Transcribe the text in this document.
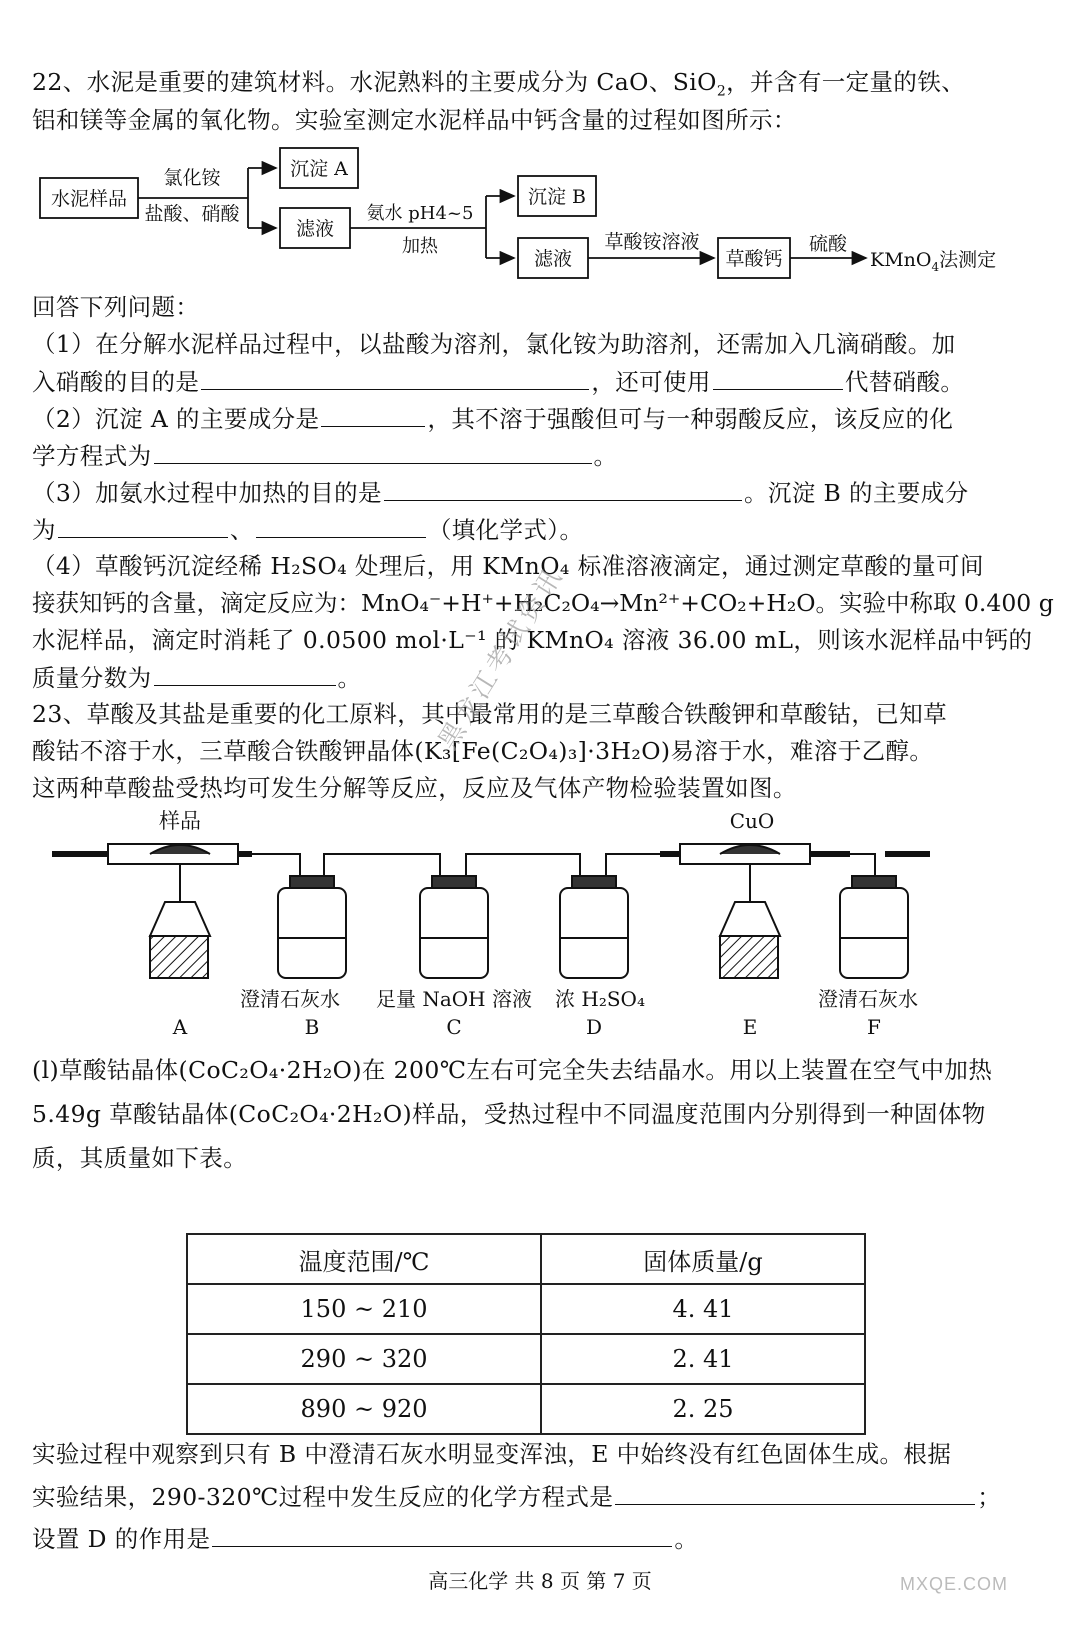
22、水泥是重要的建筑材料。水泥熟料的主要成分为 CaO、SiO$_2$，并含有一定量的铁、
铝和镁等金属的氧化物。实验室测定水泥样品中钙含量的过程如图所示：
水泥样品
氯化铵
盐酸、硝酸
沉淀 A
滤液
氨水 pH4~5
加热
沉淀 B
滤液
草酸铵溶液
草酸钙
硫酸
KMnO$_4$法测定
回答下列问题：
（1）在分解水泥样品过程中，以盐酸为溶剂，氯化铵为助溶剂，还需加入几滴硝酸。加
入硝酸的目的是	，还可使用	代替硝酸。
（2）沉淀 A 的主要成分是	，其不溶于强酸但可与一种弱酸反应，该反应的化
学方程式为	。
（3）加氨水过程中加热的目的是	。沉淀 B 的主要成分
为	、	（填化学式）。
（4）草酸钙沉淀经稀 H₂SO₄ 处理后，用 KMnO₄ 标准溶液滴定，通过测定草酸的量可间
接获知钙的含量，滴定反应为：MnO₄⁻+H⁺+H₂C₂O₄→Mn²⁺+CO₂+H₂O。实验中称取 0.400 g
水泥样品，滴定时消耗了 0.0500 mol·L⁻¹ 的 KMnO₄ 溶液 36.00 mL，则该水泥样品中钙的
质量分数为	。
23、草酸及其盐是重要的化工原料，其中最常用的是三草酸合铁酸钾和草酸钴，已知草
酸钴不溶于水，三草酸合铁酸钾晶体(K₃[Fe(C₂O₄)₃]·3H₂O)易溶于水，难溶于乙醇。
这两种草酸盐受热均可发生分解等反应，反应及气体产物检验装置如图。
样品	CuO
澄清石灰水 足量 NaOH 溶液 浓 H₂SO₄	澄清石灰水
A	B	C	D	E	F
(l)草酸钴晶体(CoC₂O₄·2H₂O)在 200℃左右可完全失去结晶水。用以上装置在空气中加热
5.49g 草酸钴晶体(CoC₂O₄·2H₂O)样品，受热过程中不同温度范围内分别得到一种固体物
质，其质量如下表。
温度范围/℃	固体质量/g
150 ~ 210	4. 41
290 ~ 320	2. 41
890 ~ 920	2. 25
实验过程中观察到只有 B 中澄清石灰水明显变浑浊，E 中始终没有红色固体生成。根据
实验结果，290-320℃过程中发生反应的化学方程式是	；
设置 D 的作用是	。
高三化学 共 8 页 第 7 页
黑龙江考试资讯
MXQE.COM
